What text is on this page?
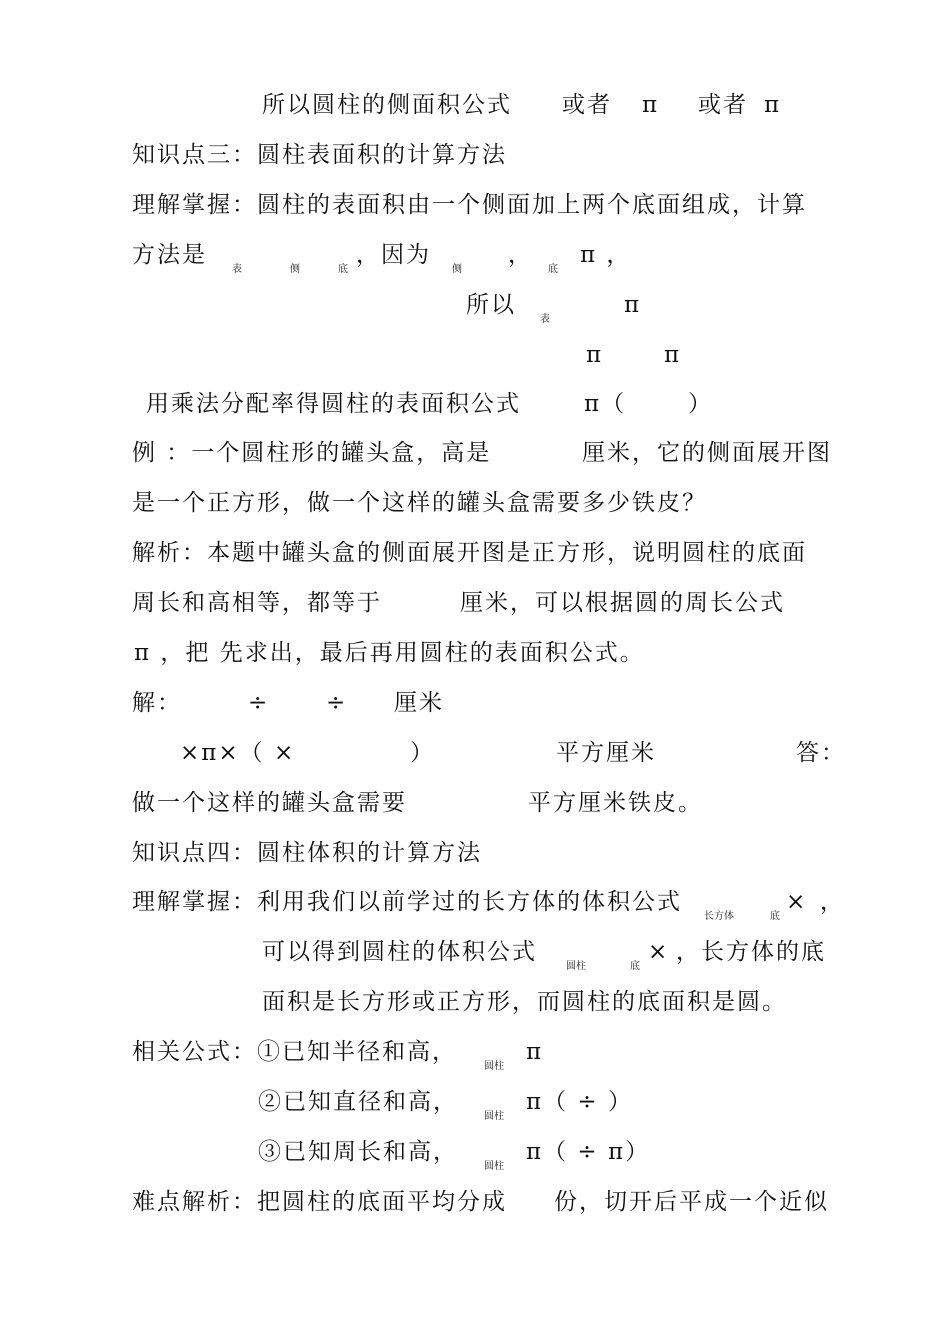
所以圆柱的侧面积公式 或者 π 或者 π
知识点三：圆柱表面积的计算方法
理解掌握：圆柱的表面积由一个侧面加上两个底面组成，计算
方法是
表	侧	底
，因为
侧
，
底
π ，
所以
表
π
π	π
用乘法分配率得圆柱的表面积公式	π（	）
例 ：一个圆柱形的罐头盒，高是	厘米，它的侧面展开图
是一个正方形，做一个这样的罐头盒需要多少铁皮？
解析：本题中罐头盒的侧面展开图是正方形，说明圆柱的底面
周长和高相等，都等于	厘米，可以根据圆的周长公式
π ，把 先求出，最后再用圆柱的表面积公式。
解：	÷ ÷ 厘米
×π×（ ×	）	平方厘米	答：
做一个这样的罐头盒需要	平方厘米铁皮。
知识点四：圆柱体积的计算方法
理解掌握：利用我们以前学过的长方体的体积公式
长方体	底
× ，
可以得到圆柱的体积公式
圆柱	底
× ，长方体的底
面积是长方形或正方形，而圆柱的底面积是圆。
相关公式：①已知半径和高，
圆柱
π
②已知直径和高，
圆柱
π（ ÷ ）
③已知周长和高，
圆柱
π（ ÷ π）
难点解析：把圆柱的底面平均分成 份，切开后平成一个近似
